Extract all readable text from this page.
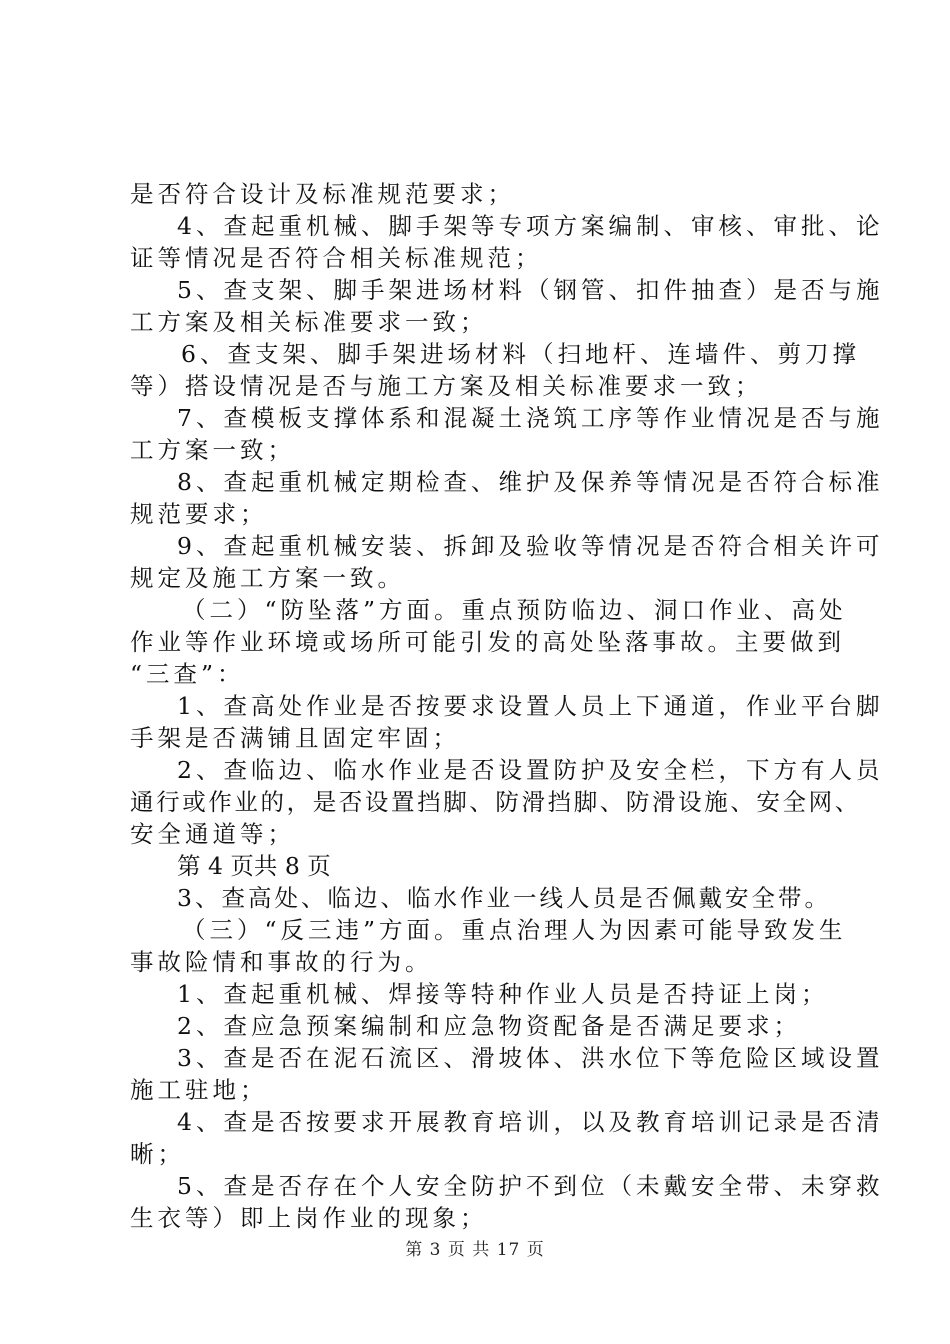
是否符合设计及标准规范要求；
4、查起重机械、脚手架等专项方案编制、审核、审批、论
证等情况是否符合相关标准规范；
5、查支架、脚手架进场材料（钢管、扣件抽查）是否与施
工方案及相关标准要求一致；
6、查支架、脚手架进场材料（扫地杆、连墙件、剪刀撑
等）搭设情况是否与施工方案及相关标准要求一致；
7、查模板支撑体系和混凝土浇筑工序等作业情况是否与施
工方案一致；
8、查起重机械定期检查、维护及保养等情况是否符合标准
规范要求；
9、查起重机械安装、拆卸及验收等情况是否符合相关许可
规定及施工方案一致。
（二）“防坠落”方面。重点预防临边、洞口作业、高处
作业等作业环境或场所可能引发的高处坠落事故。主要做到
“三查”：
1、查高处作业是否按要求设置人员上下通道，作业平台脚
手架是否满铺且固定牢固；
2、查临边、临水作业是否设置防护及安全栏，下方有人员
通行或作业的，是否设置挡脚、防滑挡脚、防滑设施、安全网、
安全通道等；
第 4 页共 8 页
3、查高处、临边、临水作业一线人员是否佩戴安全带。
（三）“反三违”方面。重点治理人为因素可能导致发生
事故险情和事故的行为。
1、查起重机械、焊接等特种作业人员是否持证上岗；
2、查应急预案编制和应急物资配备是否满足要求；
3、查是否在泥石流区、滑坡体、洪水位下等危险区域设置
施工驻地；
4、查是否按要求开展教育培训，以及教育培训记录是否清
晰；
5、查是否存在个人安全防护不到位（未戴安全带、未穿救
生衣等）即上岗作业的现象；
第 3 页 共 17 页
